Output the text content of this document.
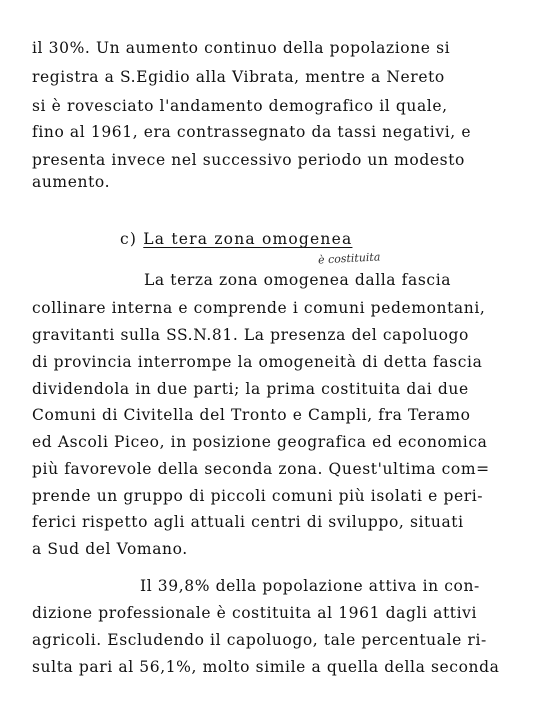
il 30%. Un aumento continuo della popolazione si
registra a S.Egidio alla Vibrata, mentre a Nereto
si è rovesciato l'andamento demografico il quale,
fino al 1961, era contrassegnato da tassi negativi, e
presenta invece nel successivo periodo un modesto
aumento.
c) La tera zona omogenea
è costituita
La terza zona omogenea dalla fascia
collinare interna e comprende i comuni pedemontani,
gravitanti sulla SS.N.81. La presenza del capoluogo
di provincia interrompe la omogeneità di detta fascia
dividendola in due parti; la prima costituita dai due
Comuni di Civitella del Tronto e Campli, fra Teramo
ed Ascoli Piceo, in posizione geografica ed economica
più favorevole della seconda zona. Quest'ultima com=
prende un gruppo di piccoli comuni più isolati e peri-
ferici rispetto agli attuali centri di sviluppo, situati
a Sud del Vomano.
Il 39,8% della popolazione attiva in con-
dizione professionale è costituita al 1961 dagli attivi
agricoli. Escludendo il capoluogo, tale percentuale ri-
sulta pari al 56,1%, molto simile a quella della seconda
